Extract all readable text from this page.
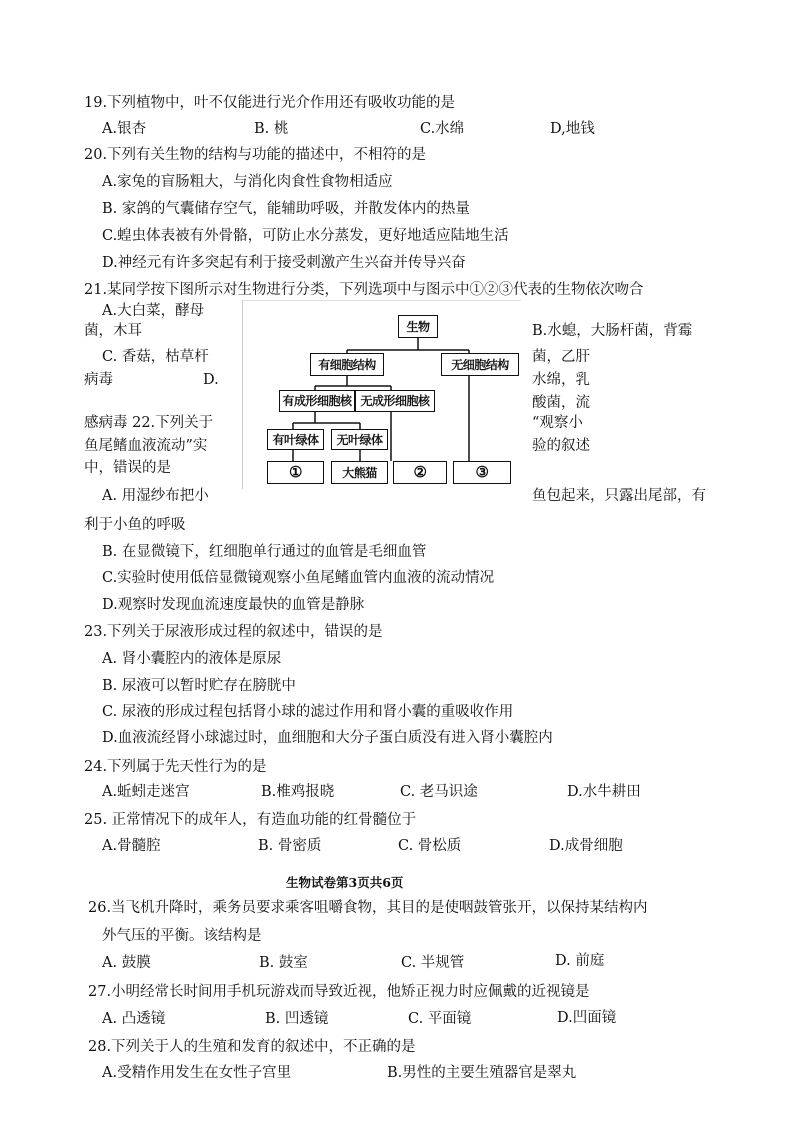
19.下列植物中，叶不仅能进行光介作用还有吸收功能的是
A.银杏	B. 桃	C.水绵	D,地钱
20.下列有关生物的结构与功能的描述中，不相符的是
A.家兔的盲肠粗大，与消化肉食性食物相适应
B. 家鸽的气囊储存空气，能辅助呼吸，并散发体内的热量
C.蝗虫体表被有外骨骼，可防止水分蒸发，更好地适应陆地生活
D.神经元有许多突起有利于接受刺激产生兴奋并传导兴奋
21.某同学按下图所示对生物进行分类，下列选项中与图示中①②③代表的生物依次吻合
A.大白菜，酵母
菌，木耳
C. 香菇，枯草杆
病毒	D.
感病毒 22.下列关于
鱼尾鳍血液流动”实
中，错误的是
B.水螅，大肠杆菌，背霉
菌，乙肝
水绵，乳
酸菌，流
“观察小
验的叙述
生物
有细胞结构	无细胞结构
有成形细胞核 无成形细胞核
有叶绿体	无叶绿体
①	大熊猫	②	③
A. 用湿纱布把小	鱼包起来，只露出尾部，有
利于小鱼的呼吸
B. 在显微镜下，红细胞单行通过的血管是毛细血管
C.实验时使用低倍显微镜观察小鱼尾鳍血管内血液的流动情况
D.观察时发现血流速度最快的血管是静脉
23.下列关于尿液形成过程的叙述中，错误的是
A. 肾小囊腔内的液体是原尿
B. 尿液可以暂时贮存在膀胱中
C. 尿液的形成过程包括肾小球的滤过作用和肾小囊的重吸收作用
D.血液流经肾小球滤过时，血细胞和大分子蛋白质没有进入肾小囊腔内
24.下列属于先天性行为的是
A.蚯蚓走迷宫	B.椎鸡报晓	C. 老马识途	D.水牛耕田
25. 正常情况下的成年人，有造血功能的红骨髓位于
A.骨髓腔	B. 骨密质	C. 骨松质	D.成骨细胞
生物试卷第3页共6页
26.当飞机升降时，乘务员要求乘客咀嚼食物，其目的是使咽鼓管张开，以保持某结构内
外气压的平衡。该结构是
A. 鼓膜	B. 鼓室	C. 半规管	D. 前庭
27.小明经常长时间用手机玩游戏而导致近视，他矫正视力时应佩戴的近视镜是
A. 凸透镜	B. 凹透镜	C. 平面镜	D.凹面镜
28.下列关于人的生殖和发育的叙述中，不正确的是
A.受精作用发生在女性子宫里	B.男性的主要生殖器官是翠丸
